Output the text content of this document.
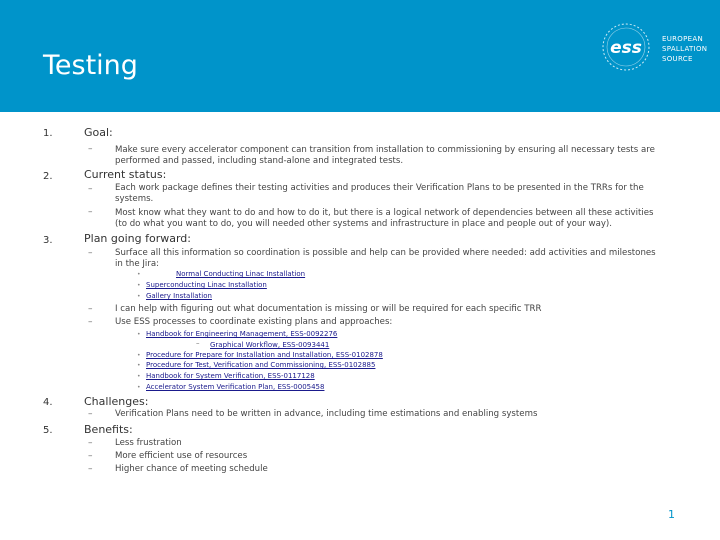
Testing
ess	EUROPEAN
SPALLATION
SOURCE
1.	Goal:
–	Make sure every accelerator component can transition from installation to commissioning by ensuring all necessary tests are
performed and passed, including stand-alone and integrated tests.
2.	Current status:
–	Each work package defines their testing activities and produces their Verification Plans to be presented in the TRRs for the
systems.
–	Most know what they want to do and how to do it, but there is a logical network of dependencies between all these activities
(to do what you want to do, you will needed other systems and infrastructure in place and people out of your way).
3.	Plan going forward:
–	Surface all this information so coordination is possible and help can be provided where needed: add activities and milestones
in the Jira:
•	Normal Conducting Linac Installation
• Superconducting Linac Installation
• Gallery Installation
–	I can help with figuring out what documentation is missing or will be required for each specific TRR
–	Use ESS processes to coordinate existing plans and approaches:
• Handbook for Engineering Management, ESS-0092276
– Graphical Workflow, ESS-0093441
• Procedure for Prepare for Installation and Installation, ESS-0102878
• Procedure for Test, Verification and Commissioning, ESS-0102885
• Handbook for System Verification, ESS-0117128
• Accelerator System Verification Plan, ESS-0005458
4.	Challenges:
–	Verification Plans need to be written in advance, including time estimations and enabling systems
5.	Benefits:
–	Less frustration
–	More efficient use of resources
–	Higher chance of meeting schedule
1
